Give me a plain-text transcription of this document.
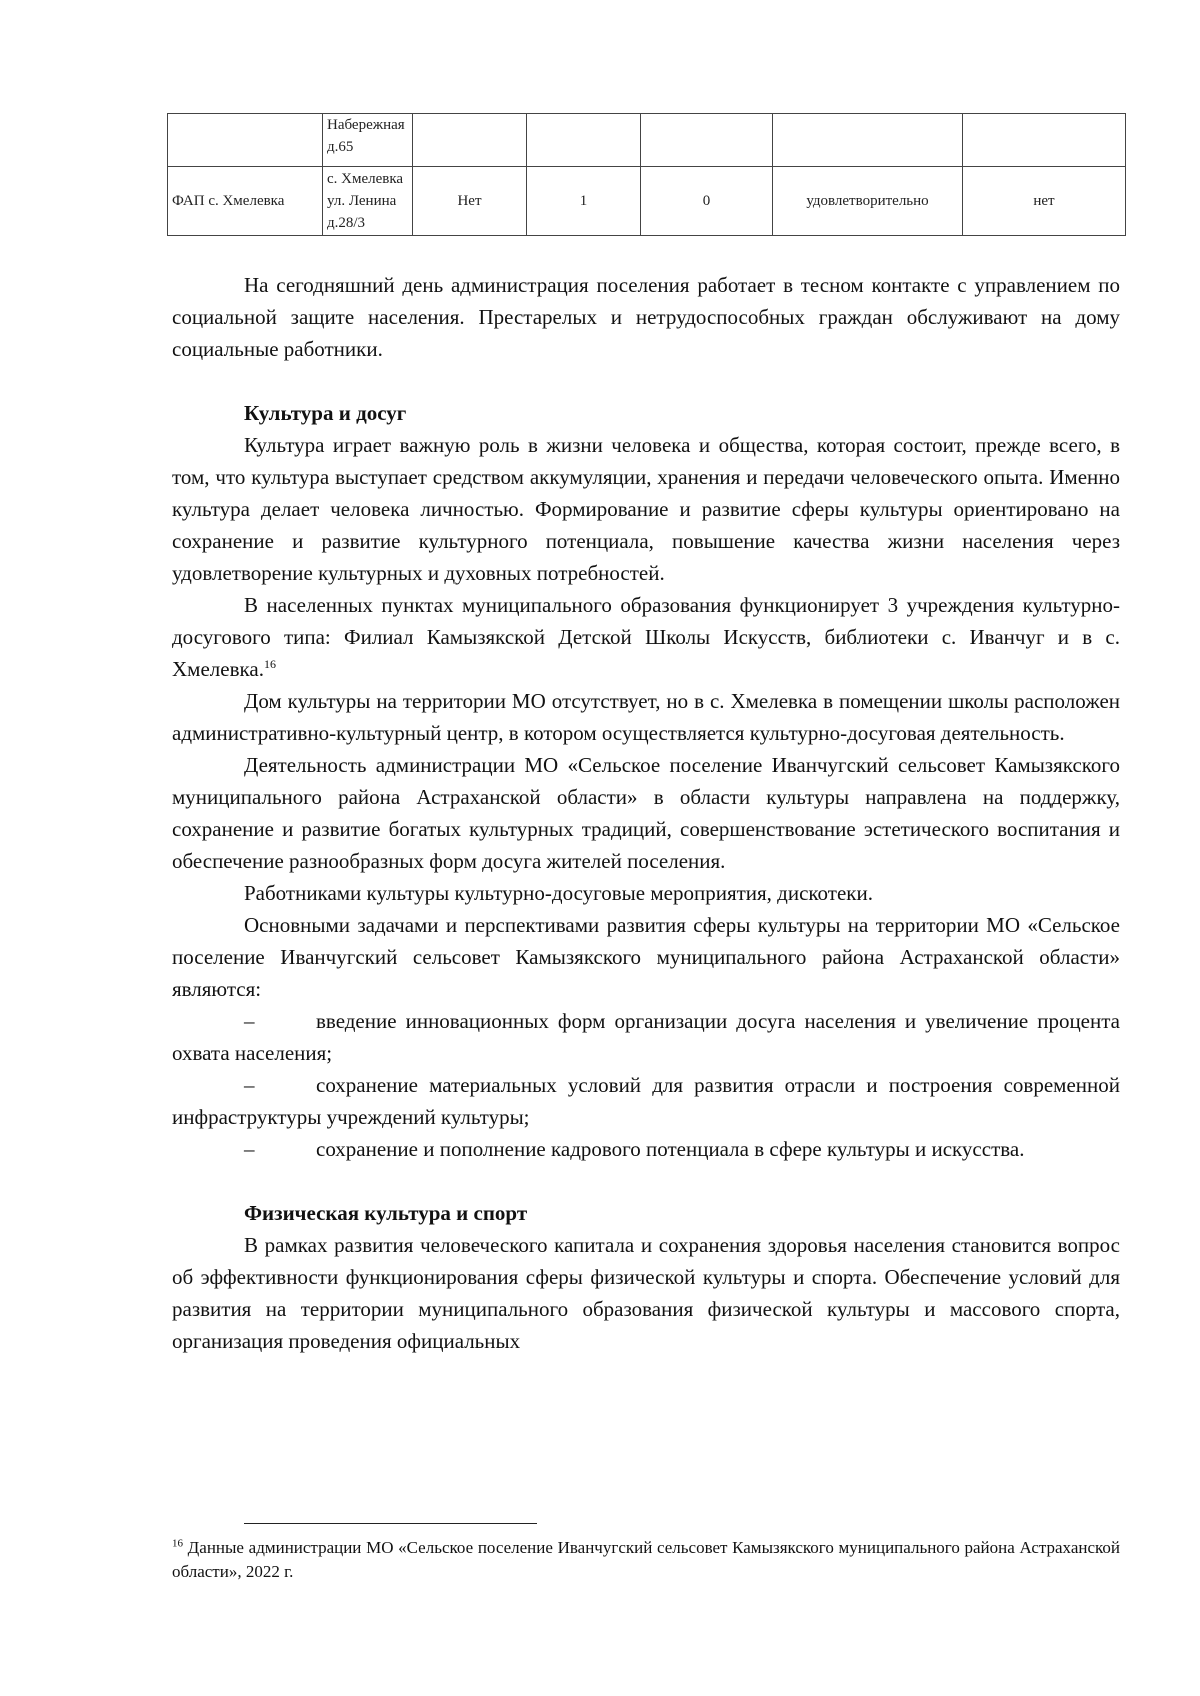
	Набережная
д.65					

ФАП с. Хмелевка	с. Хмелевка
ул. Ленина
д.28/3	Нет	1	0	удовлетворительно	нет

На сегодняшний день администрация поселения работает в тесном контакте с управлением по социальной защите населения. Престарелых и нетрудоспособных граждан обслуживают на дому социальные работники.

Культура и досуг

Культура играет важную роль в жизни человека и общества, которая состоит, прежде всего, в том, что культура выступает средством аккумуляции, хранения и передачи человеческого опыта. Именно культура делает человека личностью. Формирование и развитие сферы культуры ориентировано на сохранение и развитие культурного потенциала, повышение качества жизни населения через удовлетворение культурных и духовных потребностей.

В населенных пунктах муниципального образования функционирует 3 учреждения культурно-досугового типа: Филиал Камызякской Детской Школы Искусств, библиотеки с. Иванчуг и в с. Хмелевка.$^{16}$

Дом культуры на территории МО отсутствует, но в с. Хмелевка в помещении школы расположен административно-культурный центр, в котором осуществляется культурно-досуговая деятельность.

Деятельность администрации МО «Сельское поселение Иванчугский сельсовет Камызякского муниципального района Астраханской области» в области культуры направлена на поддержку, сохранение и развитие богатых культурных традиций, совершенствование эстетического воспитания и обеспечение разнообразных форм досуга жителей поселения.

Работниками культуры культурно-досуговые мероприятия, дискотеки.

Основными задачами и перспективами развития сферы культуры на территории МО «Сельское поселение Иванчугский сельсовет Камызякского муниципального района Астраханской области» являются:

–	введение инновационных форм организации досуга населения и увеличение процента охвата населения;

–	сохранение материальных условий для развития отрасли и построения современной инфраструктуры учреждений культуры;

–	сохранение и пополнение кадрового потенциала в сфере культуры и искусства.

Физическая культура и спорт

В рамках развития человеческого капитала и сохранения здоровья населения становится вопрос об эффективности функционирования сферы физической культуры и спорта. Обеспечение условий для развития на территории муниципального образования физической культуры и массового спорта, организация проведения официальных

$^{16}$ Данные администрации МО «Сельское поселение Иванчугский сельсовет Камызякского муниципального района Астраханской области», 2022 г.
